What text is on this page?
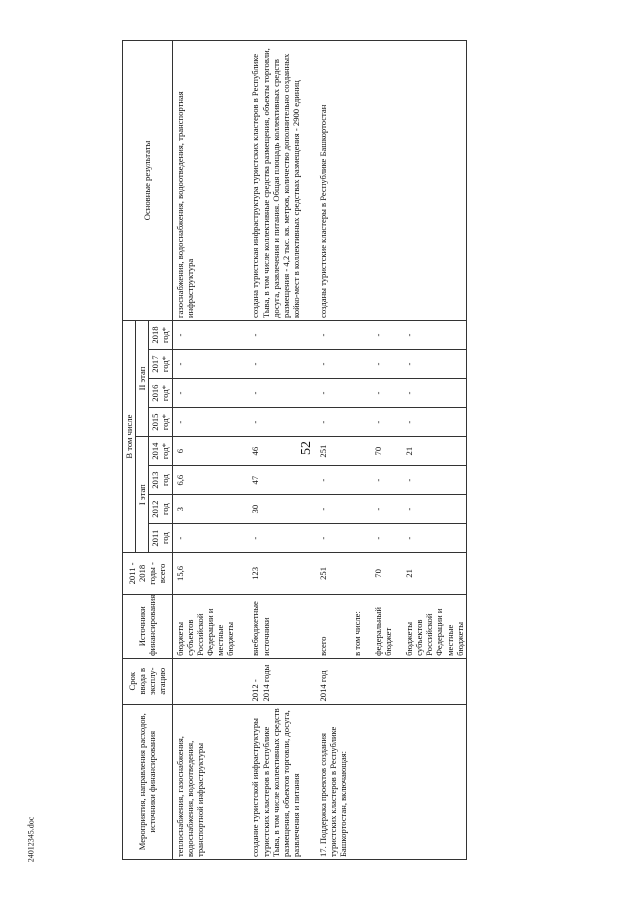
52
24012345.doc	Мероприятия, направления расходов, источники финансирования	Срок ввода в эксплу-атацию	Источники финансирования	2011 - 2018 годы - всего	В том числе								Основные результаты
				I этап				II этап				
				2011 год	2012 год	2013 год	2014 год*	2015 год*	2016 год*	2017 год*	2018 год*	
теплоснабжения, газоснабжения, водоснабжения, водоотведения, транспортной инфраструктуры		бюджеты субъектов Российской Федерации и местные бюджеты	15,6	-	3	6,6	6	-	-	-	-	газоснабжения, водоснабжения, водоотведения, транспортная инфраструктура
создание туристской инфраструктуры туристских кластеров в Республике Тыва, в том числе коллективных средств размещения, объектов торговли, досуга, развлечения и питания	2012 - 2014 годы	внебюджетные источники	123	-	30	47	46	-	-	-	-	создана туристская инфраструктура туристских кластеров в Республике Тыва, в том числе коллективные средства размещения, объекты торговли, досуга, развлечения и питания. Общая площадь коллективных средств размещения - 4,2 тыс. кв. метров, количество дополнительно созданных койко-мест в коллективных средствах размещения - 2900 единиц
17. Поддержка проектов создания туристских кластеров в Республике Башкортостан, включающая:	2014 год	всего	251	-	-	-	251	-	-	-	-	созданы туристские кластеры в Республике Башкортостан
		в том числе:										
		федеральный бюджет	70	-	-	-	70	-	-	-	-	
		бюджеты субъектов Российской Федерации и местные бюджеты	21	-	-	-	21	-	-	-	-	
